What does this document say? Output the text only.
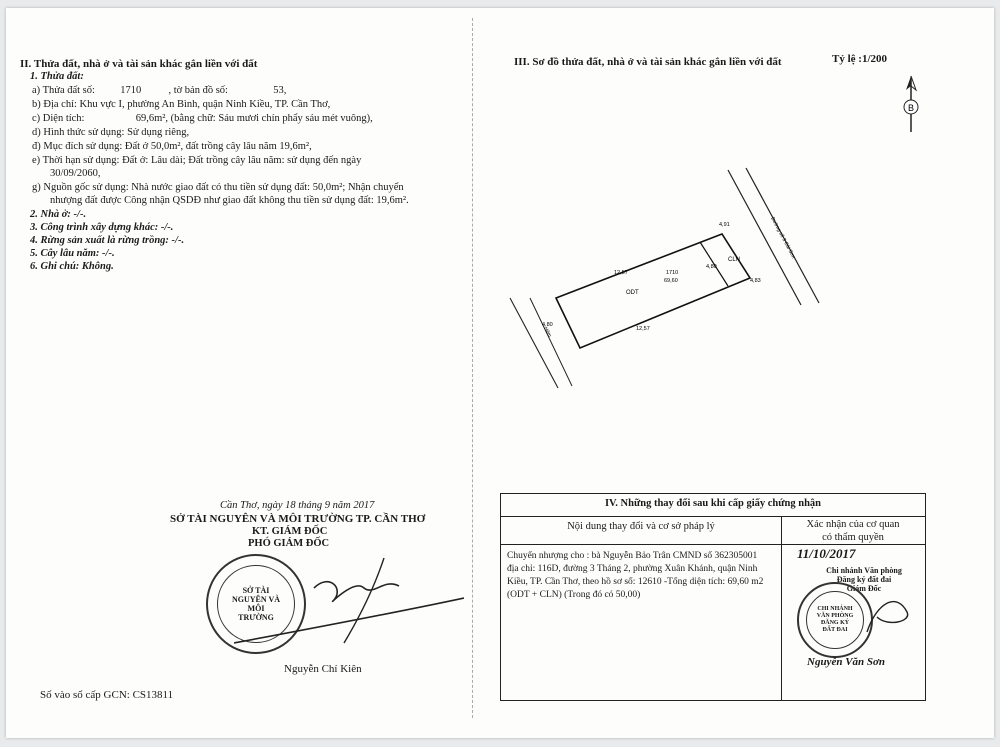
II. Thửa đất, nhà ở và tài sản khác gắn liền với đất
1. Thửa đất:
a) Thửa đất số: 1710	, tờ bản đồ số:	53,
b) Địa chỉ: Khu vực I, phường An Bình, quận Ninh Kiều, TP. Cần Thơ,
c) Diện tích:	69,6m², (bằng chữ: Sáu mươi chín phẩy sáu mét vuông),
d) Hình thức sử dụng: Sử dụng riêng,
đ) Mục đích sử dụng: Đất ở 50,0m², đất trồng cây lâu năm 19,6m²,
e) Thời hạn sử dụng: Đất ở: Lâu dài; Đất trồng cây lâu năm: sử dụng đến ngày
30/09/2060,
g) Nguồn gốc sử dụng: Nhà nước giao đất có thu tiền sử dụng đất: 50,0m²; Nhận chuyển
nhượng đất được Công nhận QSDĐ như giao đất không thu tiền sử dụng đất: 19,6m².
2. Nhà ở: -/-.
3. Công trình xây dựng khác: -/-.
4. Rừng sản xuất là rừng trồng: -/-.
5. Cây lâu năm: -/-.
6. Ghi chú: Không.
Cần Thơ, ngày 18 tháng 9 năm 2017
SỞ TÀI NGUYÊN VÀ MÔI TRƯỜNG TP. CẦN THƠ
KT. GIÁM ĐỐC
PHÓ GIÁM ĐỐC
SỞ TÀI NGUYÊN VÀ MÔI TRƯỜNG
Nguyễn Chí Kiên
Số vào sổ cấp GCN: CS13811
III. Sơ đồ thửa đất, nhà ở và tài sản khác gắn liền với đất	Tỷ lệ :1/200
B
ODT
CLN
1710
69,60
12,57
12,57
4,91
4,83
4,80
4,80
Đường số 3 Cái Sơn
Hẻm
IV. Những thay đổi sau khi cấp giấy chứng nhận
Nội dung thay đổi và cơ sở pháp lý	Xác nhận của cơ quan
có thẩm quyền
Chuyển nhượng cho : bà Nguyễn Bảo Trân CMND số 362305001
địa chỉ: 116D, đường 3 Tháng 2, phường Xuân Khánh, quận Ninh
Kiều, TP. Cần Thơ, theo hồ sơ số: 12610 -Tổng diện tích: 69,60 m2
(ODT + CLN) (Trong đó có 50,00)
11/10/2017
Chi nhánh Văn phòng
Đăng ký đất đai
Giám Đốc
CHI NHÁNH VĂN PHÒNG ĐĂNG KÝ ĐẤT ĐAI
Nguyễn Văn Sơn
